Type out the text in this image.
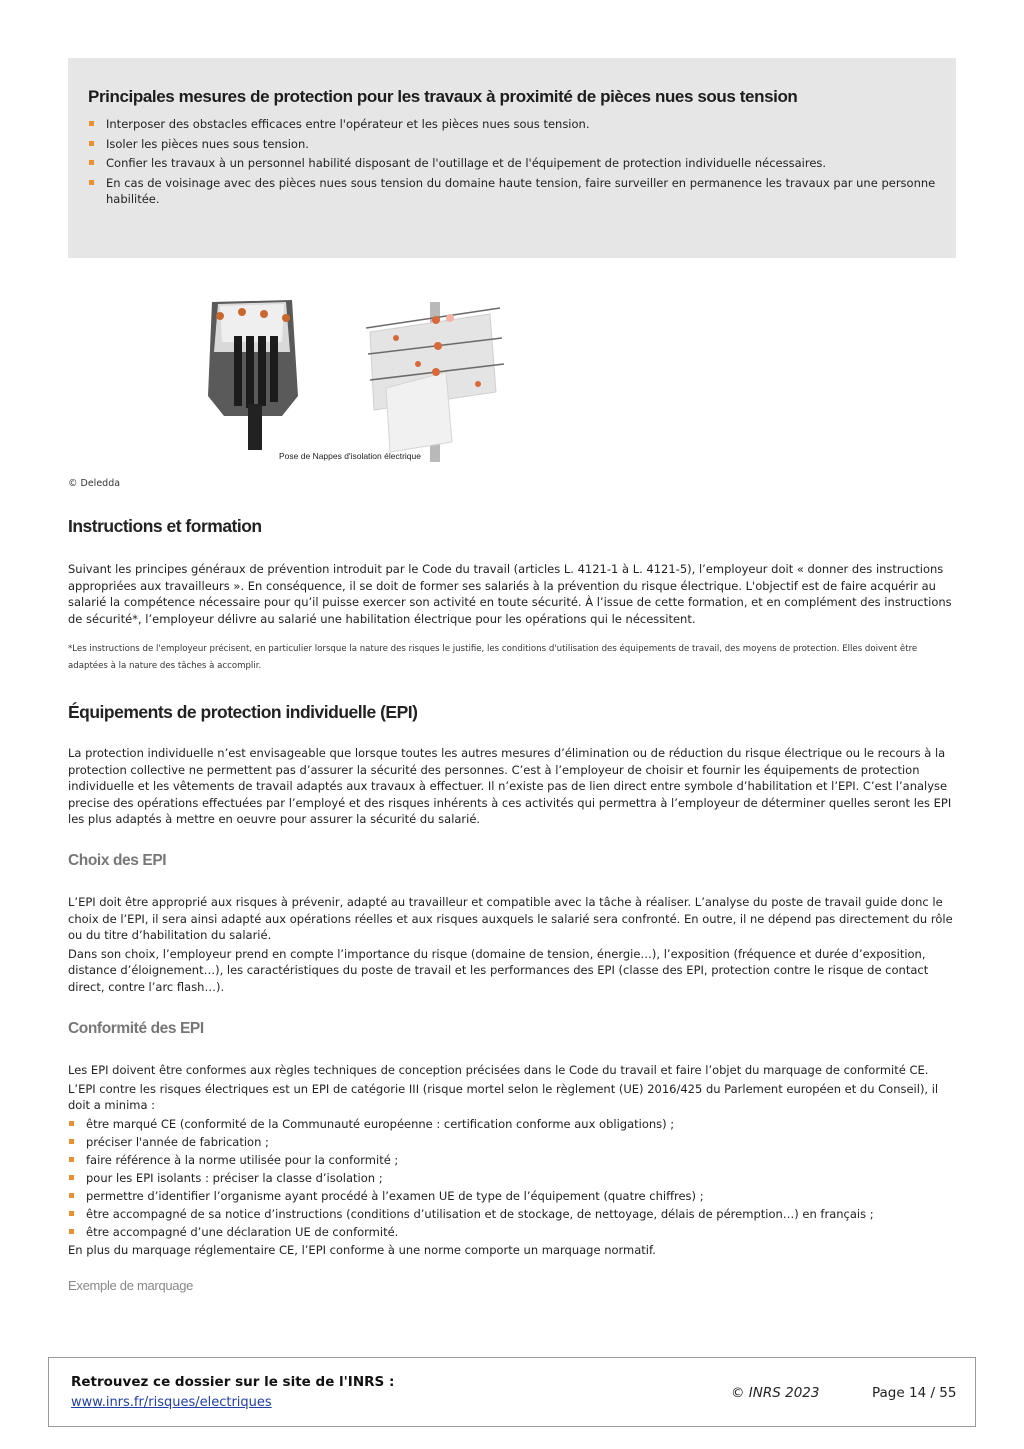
Principales mesures de protection pour les travaux à proximité de pièces nues sous tension
Interposer des obstacles efficaces entre l'opérateur et les pièces nues sous tension.
Isoler les pièces nues sous tension.
Confier les travaux à un personnel habilité disposant de l'outillage et de l'équipement de protection individuelle nécessaires.
En cas de voisinage avec des pièces nues sous tension du domaine haute tension, faire surveiller en permanence les travaux par une personne habilitée.
Pose de Nappes d'isolation électrique
© Deledda
Instructions et formation

Suivant les principes généraux de prévention introduit par le Code du travail (articles L. 4121-1 à L. 4121-5), l’employeur doit « donner des instructions appropriées aux travailleurs ». En conséquence, il se doit de former ses salariés à la prévention du risque électrique. L'objectif est de faire acquérir au salarié la compétence nécessaire pour qu’il puisse exercer son activité en toute sécurité. À l’issue de cette formation, et en complément des instructions de sécurité*, l’employeur délivre au salarié une habilitation électrique pour les opérations qui le nécessitent.

*Les instructions de l'employeur précisent, en particulier lorsque la nature des risques le justifie, les conditions d'utilisation des équipements de travail, des moyens de protection. Elles doivent être adaptées à la nature des tâches à accomplir.
Équipements de protection individuelle (EPI)

La protection individuelle n’est envisageable que lorsque toutes les autres mesures d’élimination ou de réduction du risque électrique ou le recours à la protection collective ne permettent pas d’assurer la sécurité des personnes. C’est à l’employeur de choisir et fournir les équipements de protection individuelle et les vêtements de travail adaptés aux travaux à effectuer. Il n’existe pas de lien direct entre symbole d’habilitation et l’EPI. C’est l’analyse precise des opérations effectuées par l’employé et des risques inhérents à ces activités qui permettra à l’employeur de déterminer quelles seront les EPI les plus adaptés à mettre en oeuvre pour assurer la sécurité du salarié.

Choix des EPI

L’EPI doit être approprié aux risques à prévenir, adapté au travailleur et compatible avec la tâche à réaliser. L’analyse du poste de travail guide donc le choix de l’EPI, il sera ainsi adapté aux opérations réelles et aux risques auxquels le salarié sera confronté. En outre, il ne dépend pas directement du rôle ou du titre d’habilitation du salarié.

Dans son choix, l’employeur prend en compte l’importance du risque (domaine de tension, énergie…), l’exposition (fréquence et durée d’exposition, distance d’éloignement…), les caractéristiques du poste de travail et les performances des EPI (classe des EPI, protection contre le risque de contact direct, contre l’arc flash…).

Conformité des EPI

Les EPI doivent être conformes aux règles techniques de conception précisées dans le Code du travail et faire l’objet du marquage de conformité CE.

L’EPI contre les risques électriques est un EPI de catégorie III (risque mortel selon le règlement (UE) 2016/425 du Parlement européen et du Conseil), il doit a minima :

être marqué CE (conformité de la Communauté européenne : certification conforme aux obligations) ;
préciser l'année de fabrication ;
faire référence à la norme utilisée pour la conformité ;
pour les EPI isolants : préciser la classe d’isolation ;
permettre d’identifier l’organisme ayant procédé à l’examen UE de type de l’équipement (quatre chiffres) ;
être accompagné de sa notice d’instructions (conditions d’utilisation et de stockage, de nettoyage, délais de péremption…) en français ;
être accompagné d’une déclaration UE de conformité.

En plus du marquage réglementaire CE, l’EPI conforme à une norme comporte un marquage normatif.

Exemple de marquage
Retrouvez ce dossier sur le site de l'INRS :
www.inrs.fr/risques/electriques
© INRS 2023	Page 14 / 55
